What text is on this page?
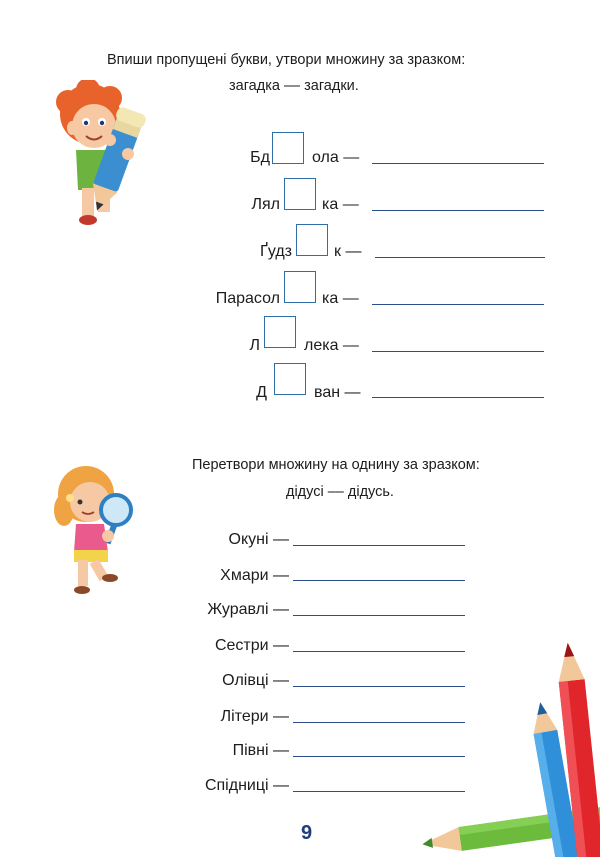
Впиши пропущені букви, утвори множину за зразком:
загадка –– загадки.
Бд	ола —
Лял	ка —
Ґудз	к —
Парасол	ка —
Л	лека —
Д	ван —
Перетвори множину на однину за зразком:
дідусі –– дідусь.
Окуні —
Хмари —
Журавлі —
Сестри —
Олівці —
Літери —
Півні —
Спідниці —
9
